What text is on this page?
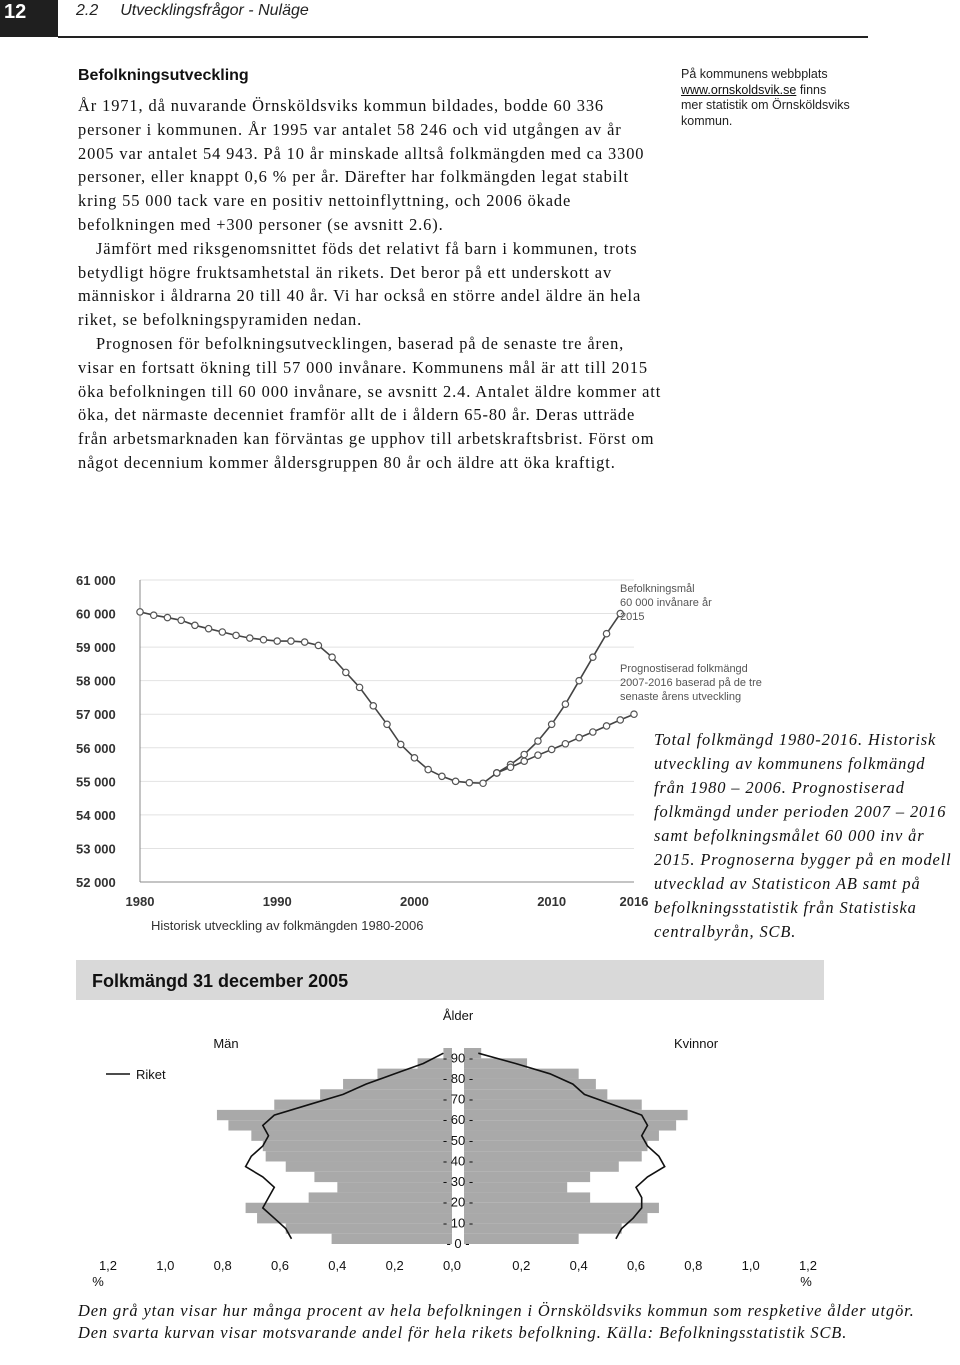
12	2.2 Utvecklingsfrågor - Nuläge
Befolkningsutveckling

År 1971, då nuvarande Örnsköldsviks kommun bildades, bodde 60 336 personer i kommunen. År 1995 var antalet 58 246 och vid utgången av år 2005 var antalet 54 943. På 10 år minskade alltså folkmängden med ca 3300 personer, eller knappt 0,6 % per år. Därefter har folkmängden legat stabilt kring 55 000 tack vare en positiv nettoinflyttning, och 2006 ökade befolkningen med +300 personer (se avsnitt 2.6).

Jämfört med riksgenomsnittet föds det relativt få barn i kommunen, trots betydligt högre fruktsamhetstal än rikets. Det beror på ett underskott av människor i åldrarna 20 till 40 år. Vi har också en större andel äldre än hela riket, se befolkningspyramiden nedan.

Prognosen för befolkningsutvecklingen, baserad på de senaste tre åren, visar en fortsatt ökning till 57 000 invånare. Kommunens mål är att till 2015 öka befolkningen till 60 000 invånare, se avsnitt 2.4. Antalet äldre kommer att öka, det närmaste decenniet framför allt de i åldern 65-80 år. Deras utträde från arbetsmarknaden kan förväntas ge upphov till arbetskraftsbrist. Först om något decennium kommer åldersgruppen 80 år och äldre att öka kraftigt.

På kommunens webbplats
www.ornskoldsvik.se finns mer statistik om Örnsköldsviks kommun.
61 000
60 000
59 000
58 000
57 000
56 000
55 000
54 000
53 000
52 000
1980	1990	2000	2010	2016
Befolkningsmål
60 000 invånare år
2015
Prognostiserad folkmängd
2007-2016 baserad på de tre
senaste årens utveckling
Historisk utveckling av folkmängden 1980-2006
Total folkmängd 1980-2016. Historisk utveckling av kommunens folkmängd från 1980 – 2006. Prognostiserad folkmängd under perioden 2007 – 2016 samt befolkningsmålet 60 000 inv år 2015. Prognoserna bygger på en modell utvecklad av Statisticon AB samt på befolkningsstatistik från Statistiska centralbyrån, SCB.
Folkmängd 31 december 2005
Ålder
- 90 -
- 80 -
- 70 -
- 60 -
- 50 -
- 40 -
- 30 -
- 20 -
- 10 -
- 0 -
1,2	1,0	0,8	0,6	0,4	0,2	0,0	0,2	0,4	0,6	0,8	1,0	1,2
%	%
Män	Kvinnor
Riket
Den grå ytan visar hur många procent av hela befolkningen i Örnsköldsviks kommun som respketive ålder utgör. Den svarta kurvan visar motsvarande andel för hela rikets befolkning. Källa: Befolkningsstatistik SCB.
